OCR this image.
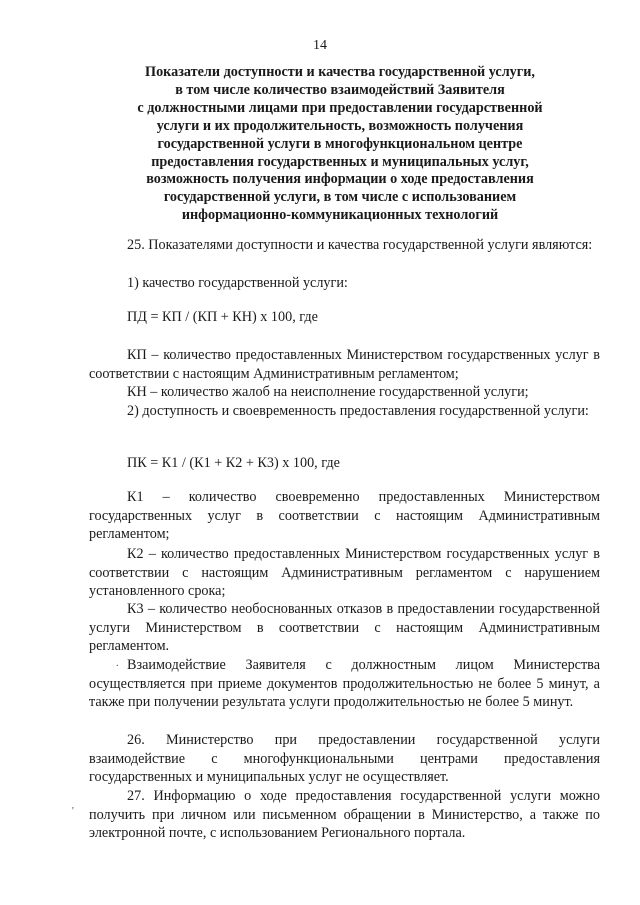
14
Показатели доступности и качества государственной услуги,
в том числе количество взаимодействий Заявителя
с должностными лицами при предоставлении государственной
услуги и их продолжительность, возможность получения
государственной услуги в многофункциональном центре
предоставления государственных и муниципальных услуг,
возможность получения информации о ходе предоставления
государственной услуги, в том числе с использованием
информационно-коммуникационных технологий

25. Показателями доступности и качества государственной услуги являются:

1) качество государственной услуги:

ПД = КП / (КП + КН) х 100, где

КП – количество предоставленных Министерством государственных услуг в соответствии с настоящим Административным регламентом;

КН – количество жалоб на неисполнение государственной услуги;

2) доступность и своевременность предоставления государственной услуги:

ПК = К1 / (К1 + К2 + К3) х 100, где

К1 – количество своевременно предоставленных Министерством государственных услуг в соответствии с настоящим Административным регламентом;

К2 – количество предоставленных Министерством государственных услуг в соответствии с настоящим Административным регламентом с нарушением установленного срока;

К3 – количество необоснованных отказов в предоставлении государственной услуги Министерством в соответствии с настоящим Административным регламентом.

Взаимодействие Заявителя с должностным лицом Министерства осуществляется при приеме документов продолжительностью не более 5 минут, а также при получении результата услуги продолжительностью не более 5 минут.

26. Министерство при предоставлении государственной услуги взаимодействие с многофункциональными центрами предоставления государственных и муниципальных услуг не осуществляет.

27. Информацию о ходе предоставления государственной услуги можно получить при личном или письменном обращении в Министерство, а также по электронной почте, с использованием Регионального портала.

.
'
